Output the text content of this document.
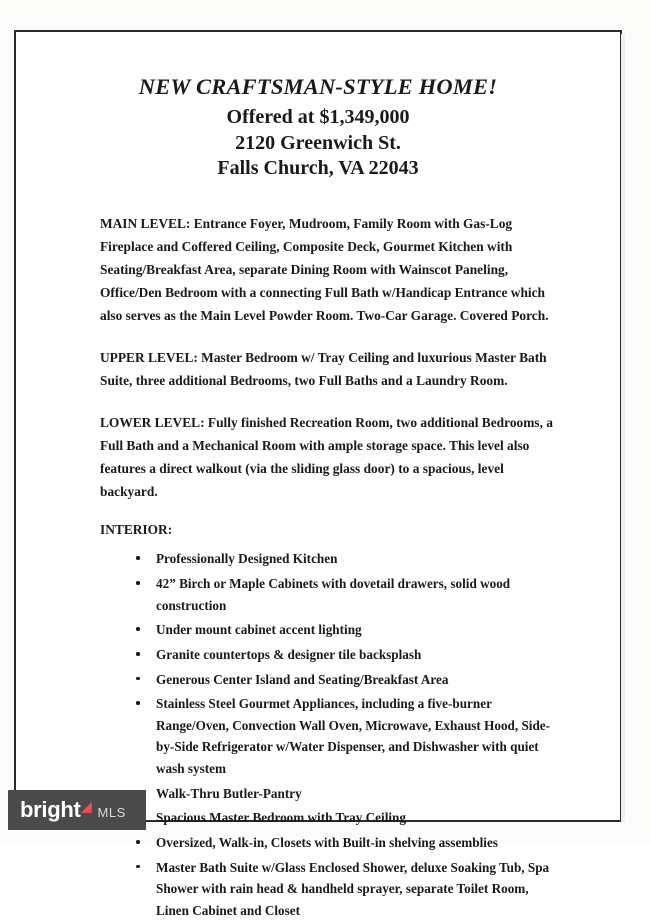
NEW CRAFTSMAN-STYLE HOME!
Offered at $1,349,000
2120 Greenwich St.
Falls Church, VA 22043

MAIN LEVEL: Entrance Foyer, Mudroom, Family Room with Gas-Log Fireplace and Coffered Ceiling, Composite Deck, Gourmet Kitchen with Seating/Breakfast Area, separate Dining Room with Wainscot Paneling, Office/Den Bedroom with a connecting Full Bath w/Handicap Entrance which also serves as the Main Level Powder Room. Two-Car Garage. Covered Porch.

UPPER LEVEL: Master Bedroom w/ Tray Ceiling and luxurious Master Bath Suite, three additional Bedrooms, two Full Baths and a Laundry Room.

LOWER LEVEL: Fully finished Recreation Room, two additional Bedrooms, a Full Bath and a Mechanical Room with ample storage space. This level also features a direct walkout (via the sliding glass door) to a spacious, level backyard.

INTERIOR:

Professionally Designed Kitchen
42” Birch or Maple Cabinets with dovetail drawers, solid wood construction
Under mount cabinet accent lighting
Granite countertops & designer tile backsplash
Generous Center Island and Seating/Breakfast Area
Stainless Steel Gourmet Appliances, including a five-burner Range/Oven, Convection Wall Oven, Microwave, Exhaust Hood, Side-by-Side Refrigerator w/Water Dispenser, and Dishwasher with quiet wash system
Walk-Thru Butler-Pantry
Spacious Master Bedroom with Tray Ceiling
Oversized, Walk-in, Closets with Built-in shelving assemblies
Master Bath Suite w/Glass Enclosed Shower, deluxe Soaking Tub, Spa Shower with rain head & handheld sprayer, separate Toilet Room, Linen Cabinet and Closet
bright ◢ MLS
